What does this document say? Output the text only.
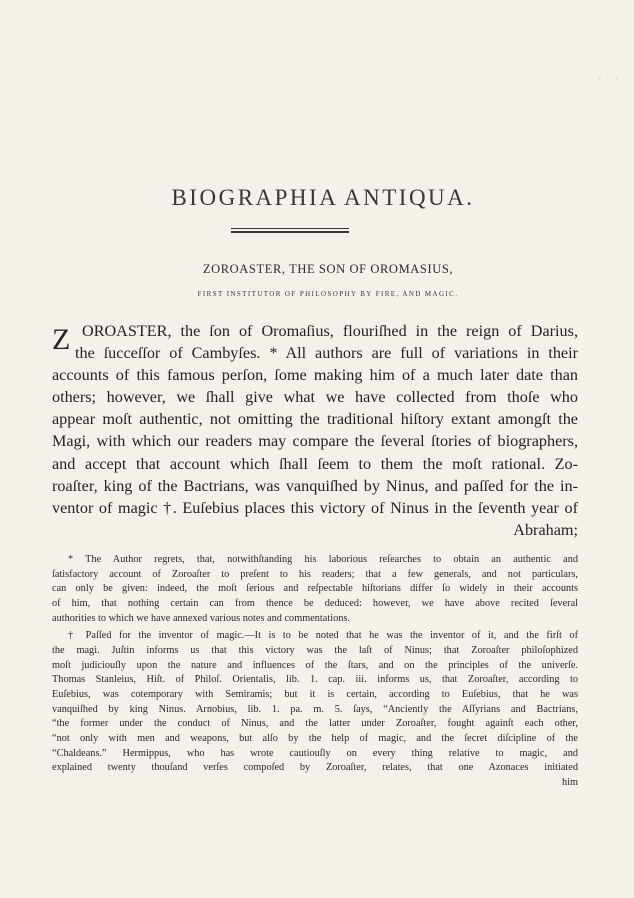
· · ·
BIOGRAPHIA ANTIQUA.
ZOROASTER, THE SON OF OROMASIUS,
FIRST INSTITUTOR OF PHILOSOPHY BY FIRE, AND MAGIC.
Z OROASTER, the ſon of Oromaſius, flouriſhed in the reign of Darius,
the ſucceſſor of Cambyſes. * All authors are full of variations in their
accounts of this famous perſon, ſome making him of a much later date than
others; however, we ſhall give what we have collected from thoſe who
appear moſt authentic, not omitting the traditional hiſtory extant amongſt the
Magi, with which our readers may compare the ſeveral ſtories of biographers,
and accept that account which ſhall ſeem to them the moſt rational. Zo-
roaſter, king of the Bactrians, was vanquiſhed by Ninus, and paſſed for the in-
ventor of magic †. Euſebius places this victory of Ninus in the ſeventh year of
Abraham;
* The Author regrets, that, notwithſtanding his laborious reſearches to obtain an authentic and
ſatisfactory account of Zoroaſter to preſent to his readers; that a few generals, and not particulars,
can only be given: indeed, the moſt ſerious and reſpectable hiſtorians differ ſo widely in their accounts
of him, that nothing certain can from thence be deduced: however, we have above recited ſeveral
authorities to which we have annexed various notes and commentations.
† Paſſed for the inventor of magic.—It is to be noted that he was the inventor of it, and the firſt of
the magi. Juſtin informs us that this victory was the laſt of Ninus; that Zoroaſter philoſophized
moſt judiciouſly upon the nature and influences of the ſtars, and on the principles of the univerſe.
Thomas Stanleius, Hiſt. of Philoſ. Orientalis, lib. 1. cap. iii. informs us, that Zoroaſter, according to
Euſebius, was cotemporary with Semiramis; but it is certain, according to Euſebius, that he was
vanquiſhed by king Ninus. Arnobius, lib. 1. pa. m. 5. ſays, “Anciently the Aſſyrians and Bactrians,
“the former under the conduct of Ninus, and the latter under Zoroaſter, fought againſt each other,
“not only with men and weapons, but alſo by the help of magic, and the ſecret diſcipline of the
“Chaldeans.” Hermippus, who has wrote cautiouſly on every thing relative to magic, and
explained twenty thouſand verſes compoſed by Zoroaſter, relates, that one Azonaces initiated
him
